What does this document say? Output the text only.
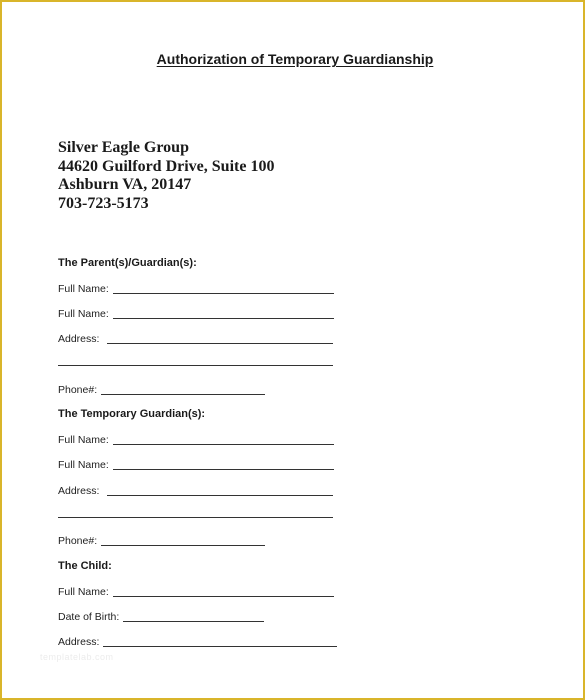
Authorization of Temporary Guardianship
Silver Eagle Group
44620 Guilford Drive, Suite 100
Ashburn VA, 20147
703-723-5173
The Parent(s)/Guardian(s):
Full Name:
Full Name:
Address:
Phone#:
The Temporary Guardian(s):
Full Name:
Full Name:
Address:
Phone#:
The Child:
Full Name:
Date of Birth:
Address:
templatelab.com
